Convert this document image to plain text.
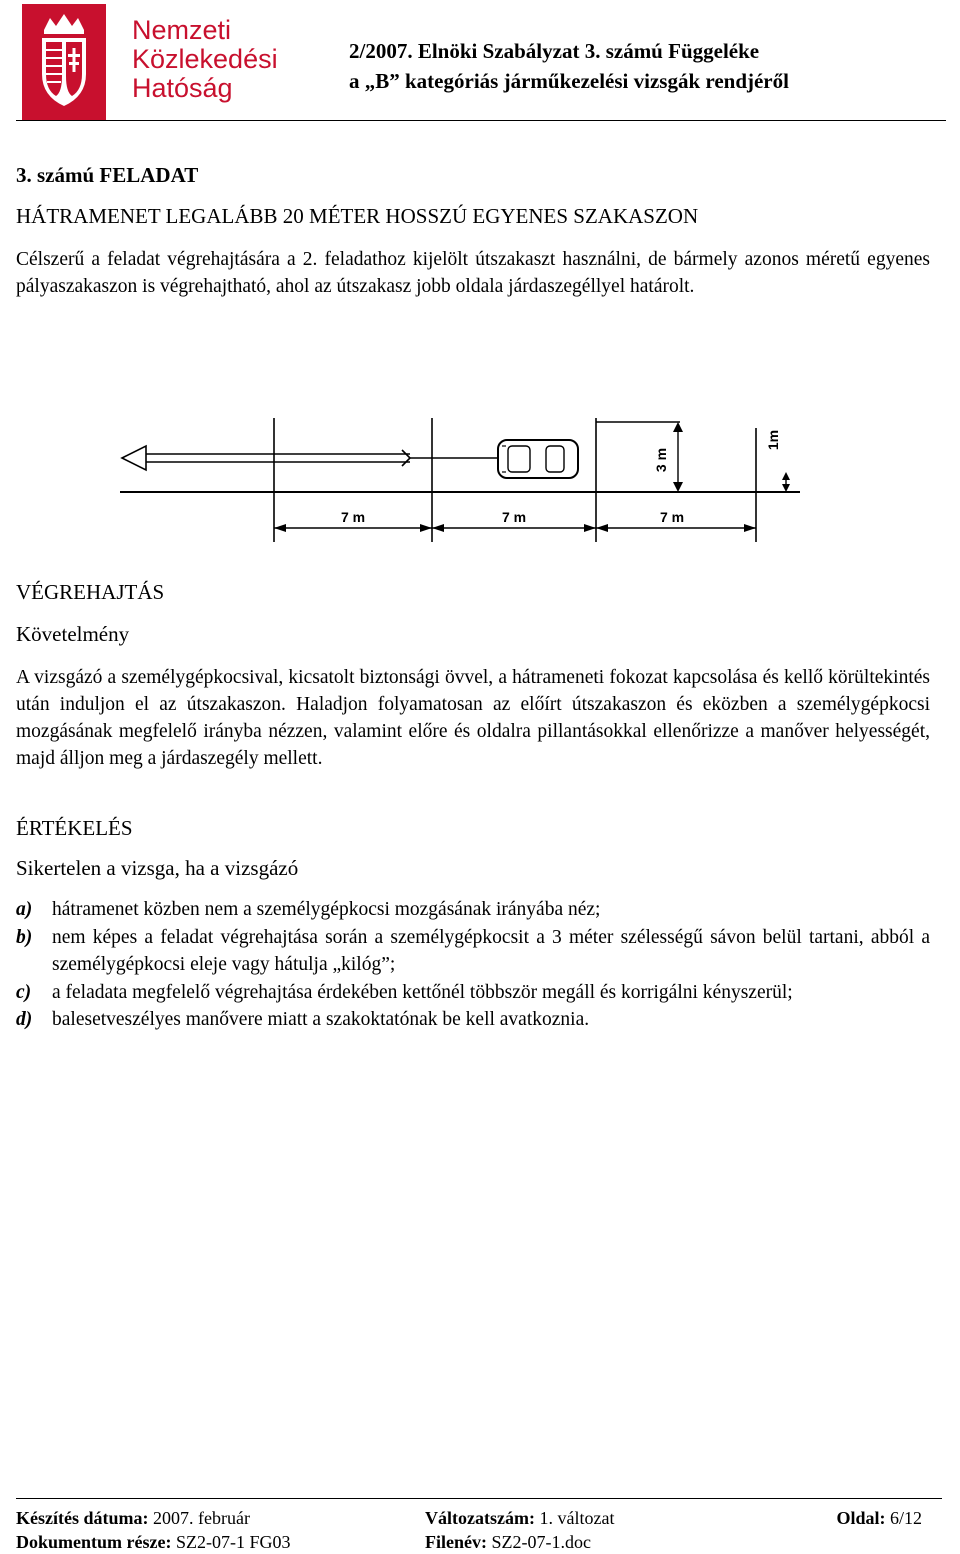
Nemzeti
Közlekedési
Hatóság
2/2007. Elnöki Szabályzat 3. számú Függeléke
a „B” kategóriás járműkezelési vizsgák rendjéről
3. számú FELADAT
HÁTRAMENET LEGALÁBB 20 MÉTER HOSSZÚ EGYENES SZAKASZON
Célszerű a feladat végrehajtására a 2. feladathoz kijelölt útszakaszt használni, de bármely azonos méretű egyenes pályaszakaszon is végrehajtható, ahol az útszakasz jobb oldala járdaszegéllyel határolt.
3 m
1m
7 m	7 m	7 m
VÉGREHAJTÁS
Követelmény
A vizsgázó a személygépkocsival, kicsatolt biztonsági övvel, a hátrameneti fokozat kapcsolása és kellő körültekintés után induljon el az útszakaszon. Haladjon folyamatosan az előírt útszakaszon és eközben a személygépkocsi mozgásának megfelelő irányba nézzen, valamint előre és oldalra pillantásokkal ellenőrizze a manőver helyességét, majd álljon meg a járdaszegély mellett.
ÉRTÉKELÉS
Sikertelen a vizsga, ha a vizsgázó
a)	hátramenet közben nem a személygépkocsi mozgásának irányába néz;
b)	nem képes a feladat végrehajtása során a személygépkocsit a 3 méter szélességű sávon belül tartani, abból a személygépkocsi eleje vagy hátulja „kilóg”;
c)	a feladata megfelelő végrehajtása érdekében kettőnél többször megáll és korrigálni kényszerül;
d)	balesetveszélyes manővere miatt a szakoktatónak be kell avatkoznia.
Készítés dátuma: 2007. február
Dokumentum része: SZ2-07-1 FG03
Változatszám: 1. változat
Filenév: SZ2-07-1.doc
Oldal: 6/12
